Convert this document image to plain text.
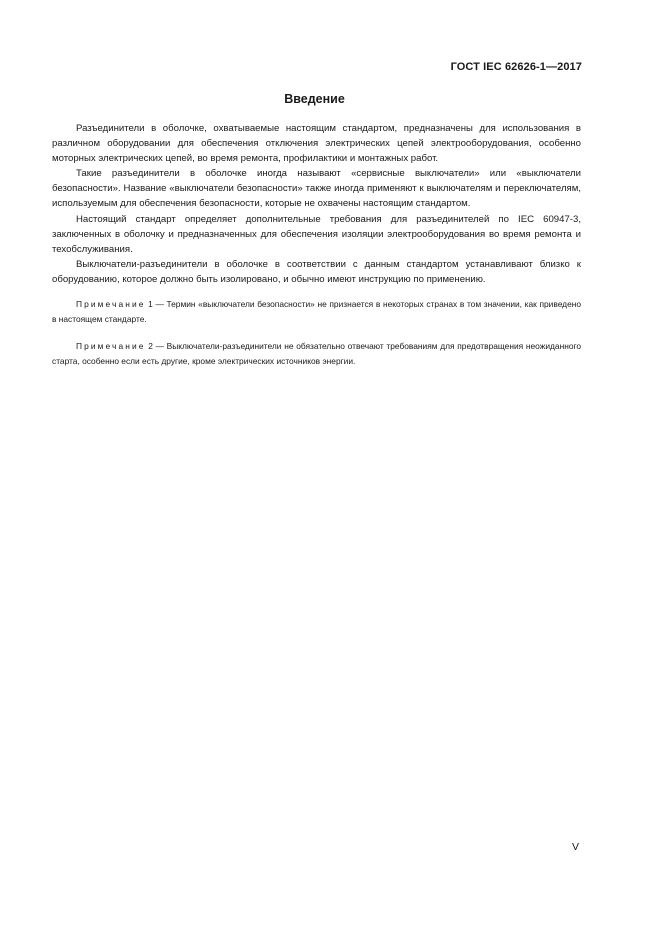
ГОСТ IEC 62626-1—2017
Введение

Разъединители в оболочке, охватываемые настоящим стандартом, предназначены для использования в различном оборудовании для обеспечения отключения электрических цепей электрооборудования, особенно моторных электрических цепей, во время ремонта, профилактики и монтажных работ.

Такие разъединители в оболочке иногда называют «сервисные выключатели» или «выключатели безопасности». Название «выключатели безопасности» также иногда применяют к выключателям и переключателям, используемым для обеспечения безопасности, которые не охвачены настоящим стандартом.

Настоящий стандарт определяет дополнительные требования для разъединителей по IEC 60947-3, заключенных в оболочку и предназначенных для обеспечения изоляции электрооборудования во время ремонта и техобслуживания.

Выключатели-разъединители в оболочке в соответствии с данным стандартом устанавливают близко к оборудованию, которое должно быть изолировано, и обычно имеют инструкцию по применению.

Примечание 1 — Термин «выключатели безопасности» не признается в некоторых странах в том значении, как приведено в настоящем стандарте.

Примечание 2 — Выключатели-разъединители не обязательно отвечают требованиям для предотвращения неожиданного старта, особенно если есть другие, кроме электрических источников энергии.

V
